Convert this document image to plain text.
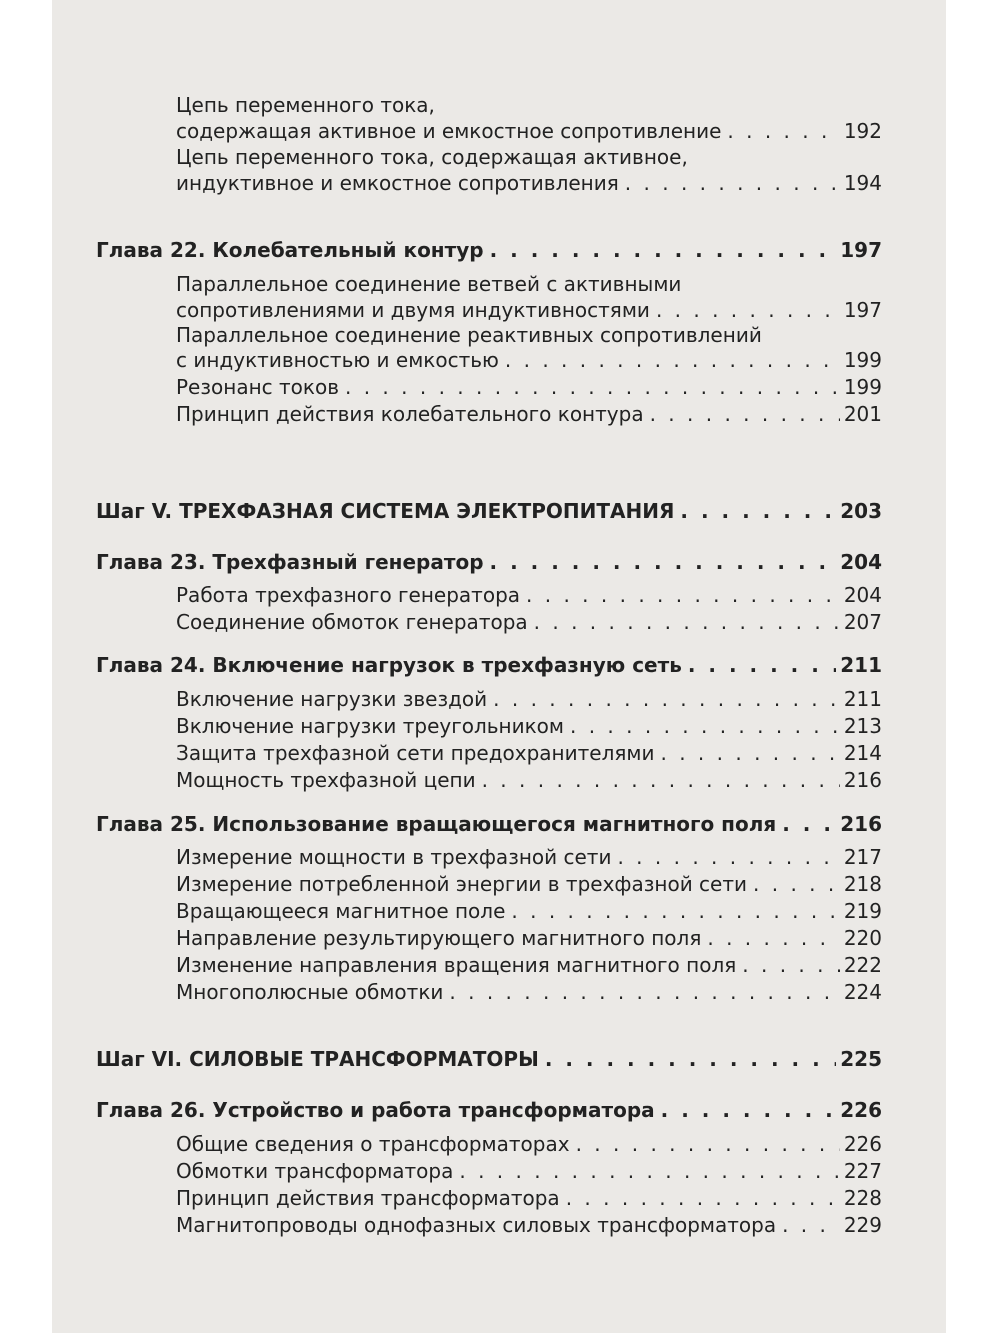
Цепь переменного тока,
содержащая активное и емкостное сопротивление . . .	192
Цепь переменного тока, содержащая активное,
индуктивное и емкостное сопротивления . . .	194
Глава 22. Колебательный контур . . .	197
Параллельное соединение ветвей с активными
сопротивлениями и двумя индуктивностями . . .	197
Параллельное соединение реактивных сопротивлений
с индуктивностью и емкостью . . .	199
Резонанс токов . . .	199
Принцип действия колебательного контура . . .	201
Шаг V. ТРЕХФАЗНАЯ СИСТЕМА ЭЛЕКТРОПИТАНИЯ . . .	203
Глава 23. Трехфазный генератор . . .	204
Работа трехфазного генератора . . .	204
Соединение обмоток генератора . . .	207
Глава 24. Включение нагрузок в трехфазную сеть . . .	211
Включение нагрузки звездой . . .	211
Включение нагрузки треугольником . . .	213
Защита трехфазной сети предохранителями . . .	214
Мощность трехфазной цепи . . .	216
Глава 25. Использование вращающегося магнитного поля . . .	216
Измерение мощности в трехфазной сети . . .	217
Измерение потребленной энергии в трехфазной сети . . .	218
Вращающееся магнитное поле . . .	219
Направление результирующего магнитного поля . . .	220
Изменение направления вращения магнитного поля . . .	222
Многополюсные обмотки . . .	224
Шаг VI. СИЛОВЫЕ ТРАНСФОРМАТОРЫ . . .	225
Глава 26. Устройство и работа трансформатора . . .	226
Общие сведения о трансформаторах . . .	226
Обмотки трансформатора . . .	227
Принцип действия трансформатора . . .	228
Магнитопроводы однофазных силовых трансформатора . . .	229
